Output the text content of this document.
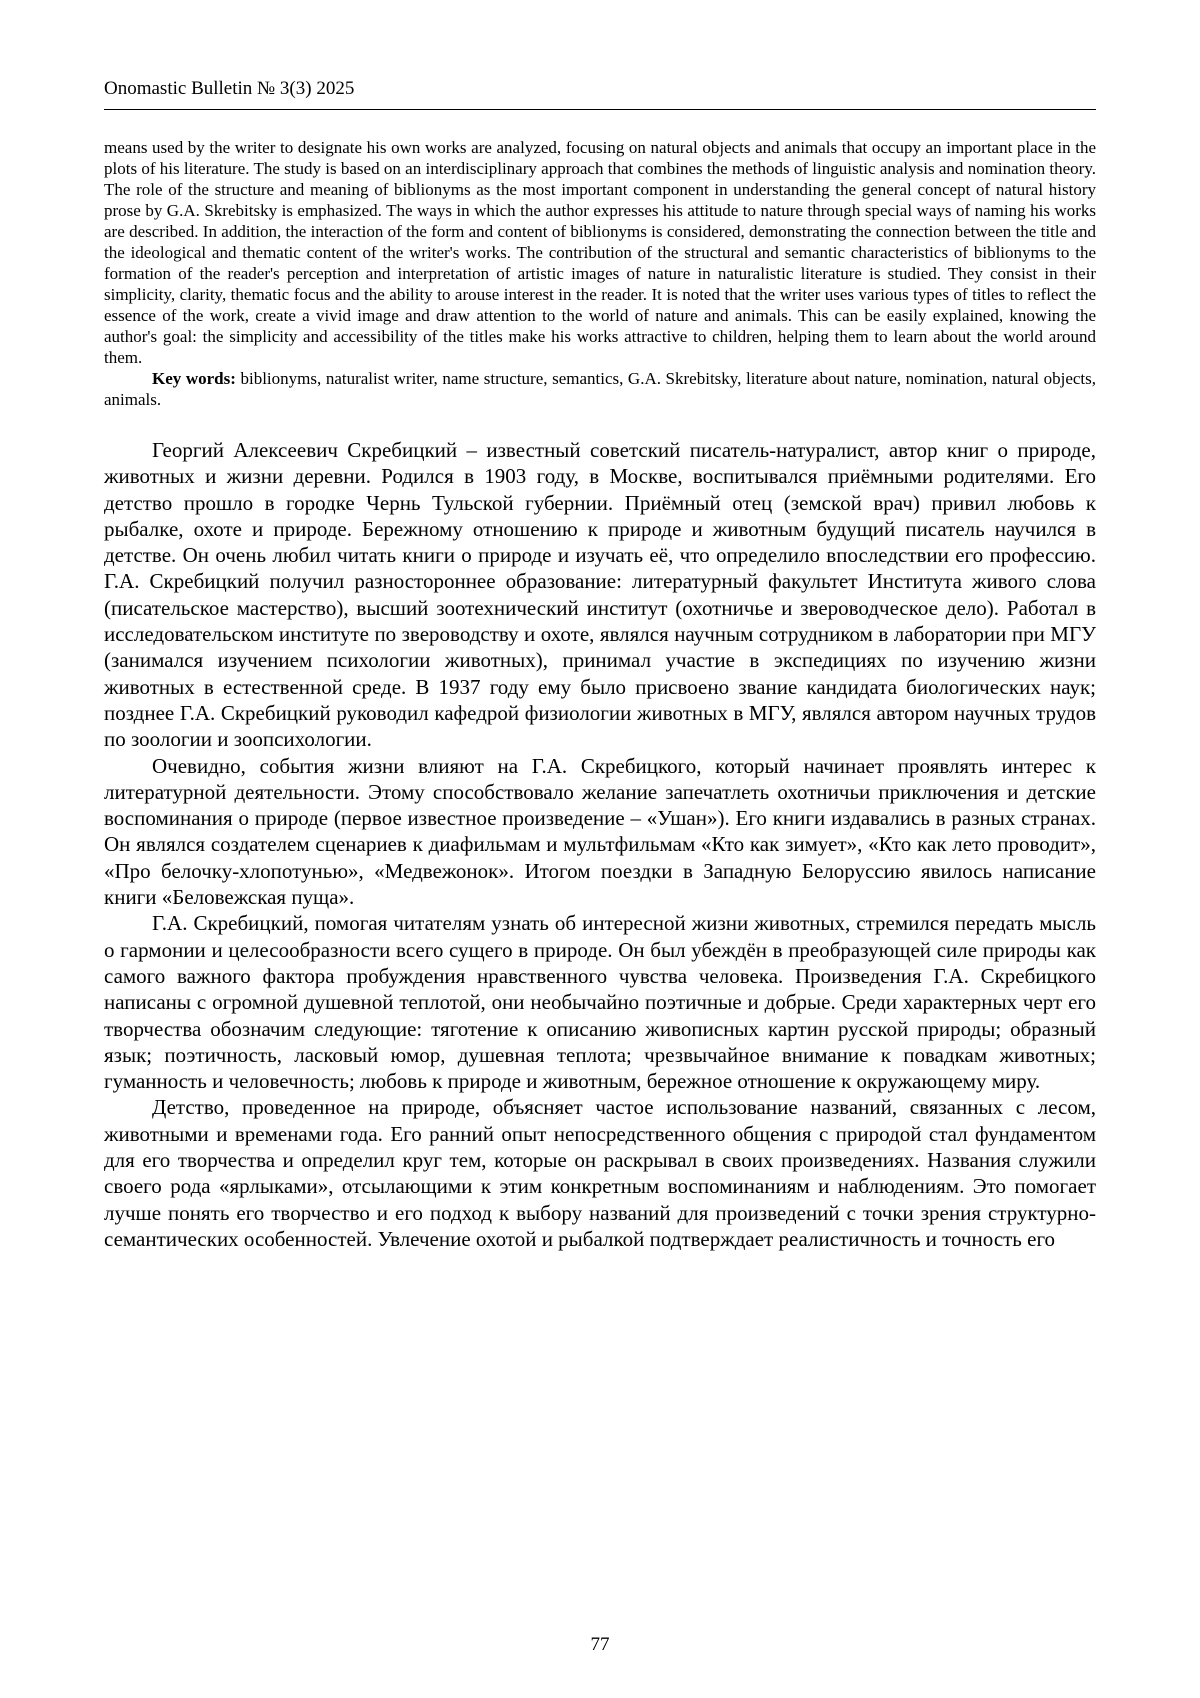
Onomastic Bulletin № 3(3) 2025

means used by the writer to designate his own works are analyzed, focusing on natural objects and animals that occupy an important place in the plots of his literature. The study is based on an interdisciplinary approach that combines the methods of linguistic analysis and nomination theory. The role of the structure and meaning of biblionyms as the most important component in understanding the general concept of natural history prose by G.A. Skrebitsky is emphasized. The ways in which the author expresses his attitude to nature through special ways of naming his works are described. In addition, the interaction of the form and content of biblionyms is considered, demonstrating the connection between the title and the ideological and thematic content of the writer's works. The contribution of the structural and semantic characteristics of biblionyms to the formation of the reader's perception and interpretation of artistic images of nature in naturalistic literature is studied. They consist in their simplicity, clarity, thematic focus and the ability to arouse interest in the reader. It is noted that the writer uses various types of titles to reflect the essence of the work, create a vivid image and draw attention to the world of nature and animals. This can be easily explained, knowing the author's goal: the simplicity and accessibility of the titles make his works attractive to children, helping them to learn about the world around them.

Key words: biblionyms, naturalist writer, name structure, semantics, G.A. Skrebitsky, literature about nature, nomination, natural objects, animals.

Георгий Алексеевич Скребицкий – известный советский писатель-натуралист, автор книг о природе, животных и жизни деревни. Родился в 1903 году, в Москве, воспитывался приёмными родителями. Его детство прошло в городке Чернь Тульской губернии. Приёмный отец (земской врач) привил любовь к рыбалке, охоте и природе. Бережному отношению к природе и животным будущий писатель научился в детстве. Он очень любил читать книги о природе и изучать её, что определило впоследствии его профессию. Г.А. Скребицкий получил разностороннее образование: литературный факультет Института живого слова (писательское мастерство), высший зоотехнический институт (охотничье и звероводческое дело). Работал в исследовательском институте по звероводству и охоте, являлся научным сотрудником в лаборатории при МГУ (занимался изучением психологии животных), принимал участие в экспедициях по изучению жизни животных в естественной среде. В 1937 году ему было присвоено звание кандидата биологических наук; позднее Г.А. Скребицкий руководил кафедрой физиологии животных в МГУ, являлся автором научных трудов по зоологии и зоопсихологии.

Очевидно, события жизни влияют на Г.А. Скребицкого, который начинает проявлять интерес к литературной деятельности. Этому способствовало желание запечатлеть охотничьи приключения и детские воспоминания о природе (первое известное произведение – «Ушан»). Его книги издавались в разных странах. Он являлся создателем сценариев к диафильмам и мультфильмам «Кто как зимует», «Кто как лето проводит», «Про белочку-хлопотунью», «Медвежонок». Итогом поездки в Западную Белоруссию явилось написание книги «Беловежская пуща».

Г.А. Скребицкий, помогая читателям узнать об интересной жизни животных, стремился передать мысль о гармонии и целесообразности всего сущего в природе. Он был убеждён в преобразующей силе природы как самого важного фактора пробуждения нравственного чувства человека. Произведения Г.А. Скребицкого написаны с огромной душевной теплотой, они необычайно поэтичные и добрые. Среди характерных черт его творчества обозначим следующие: тяготение к описанию живописных картин русской природы; образный язык; поэтичность, ласковый юмор, душевная теплота; чрезвычайное внимание к повадкам животных; гуманность и человечность; любовь к природе и животным, бережное отношение к окружающему миру.

Детство, проведенное на природе, объясняет частое использование названий, связанных с лесом, животными и временами года. Его ранний опыт непосредственного общения с природой стал фундаментом для его творчества и определил круг тем, которые он раскрывал в своих произведениях. Названия служили своего рода «ярлыками», отсылающими к этим конкретным воспоминаниям и наблюдениям. Это помогает лучше понять его творчество и его подход к выбору названий для произведений с точки зрения структурно-семантических особенностей. Увлечение охотой и рыбалкой подтверждает реалистичность и точность его

77
